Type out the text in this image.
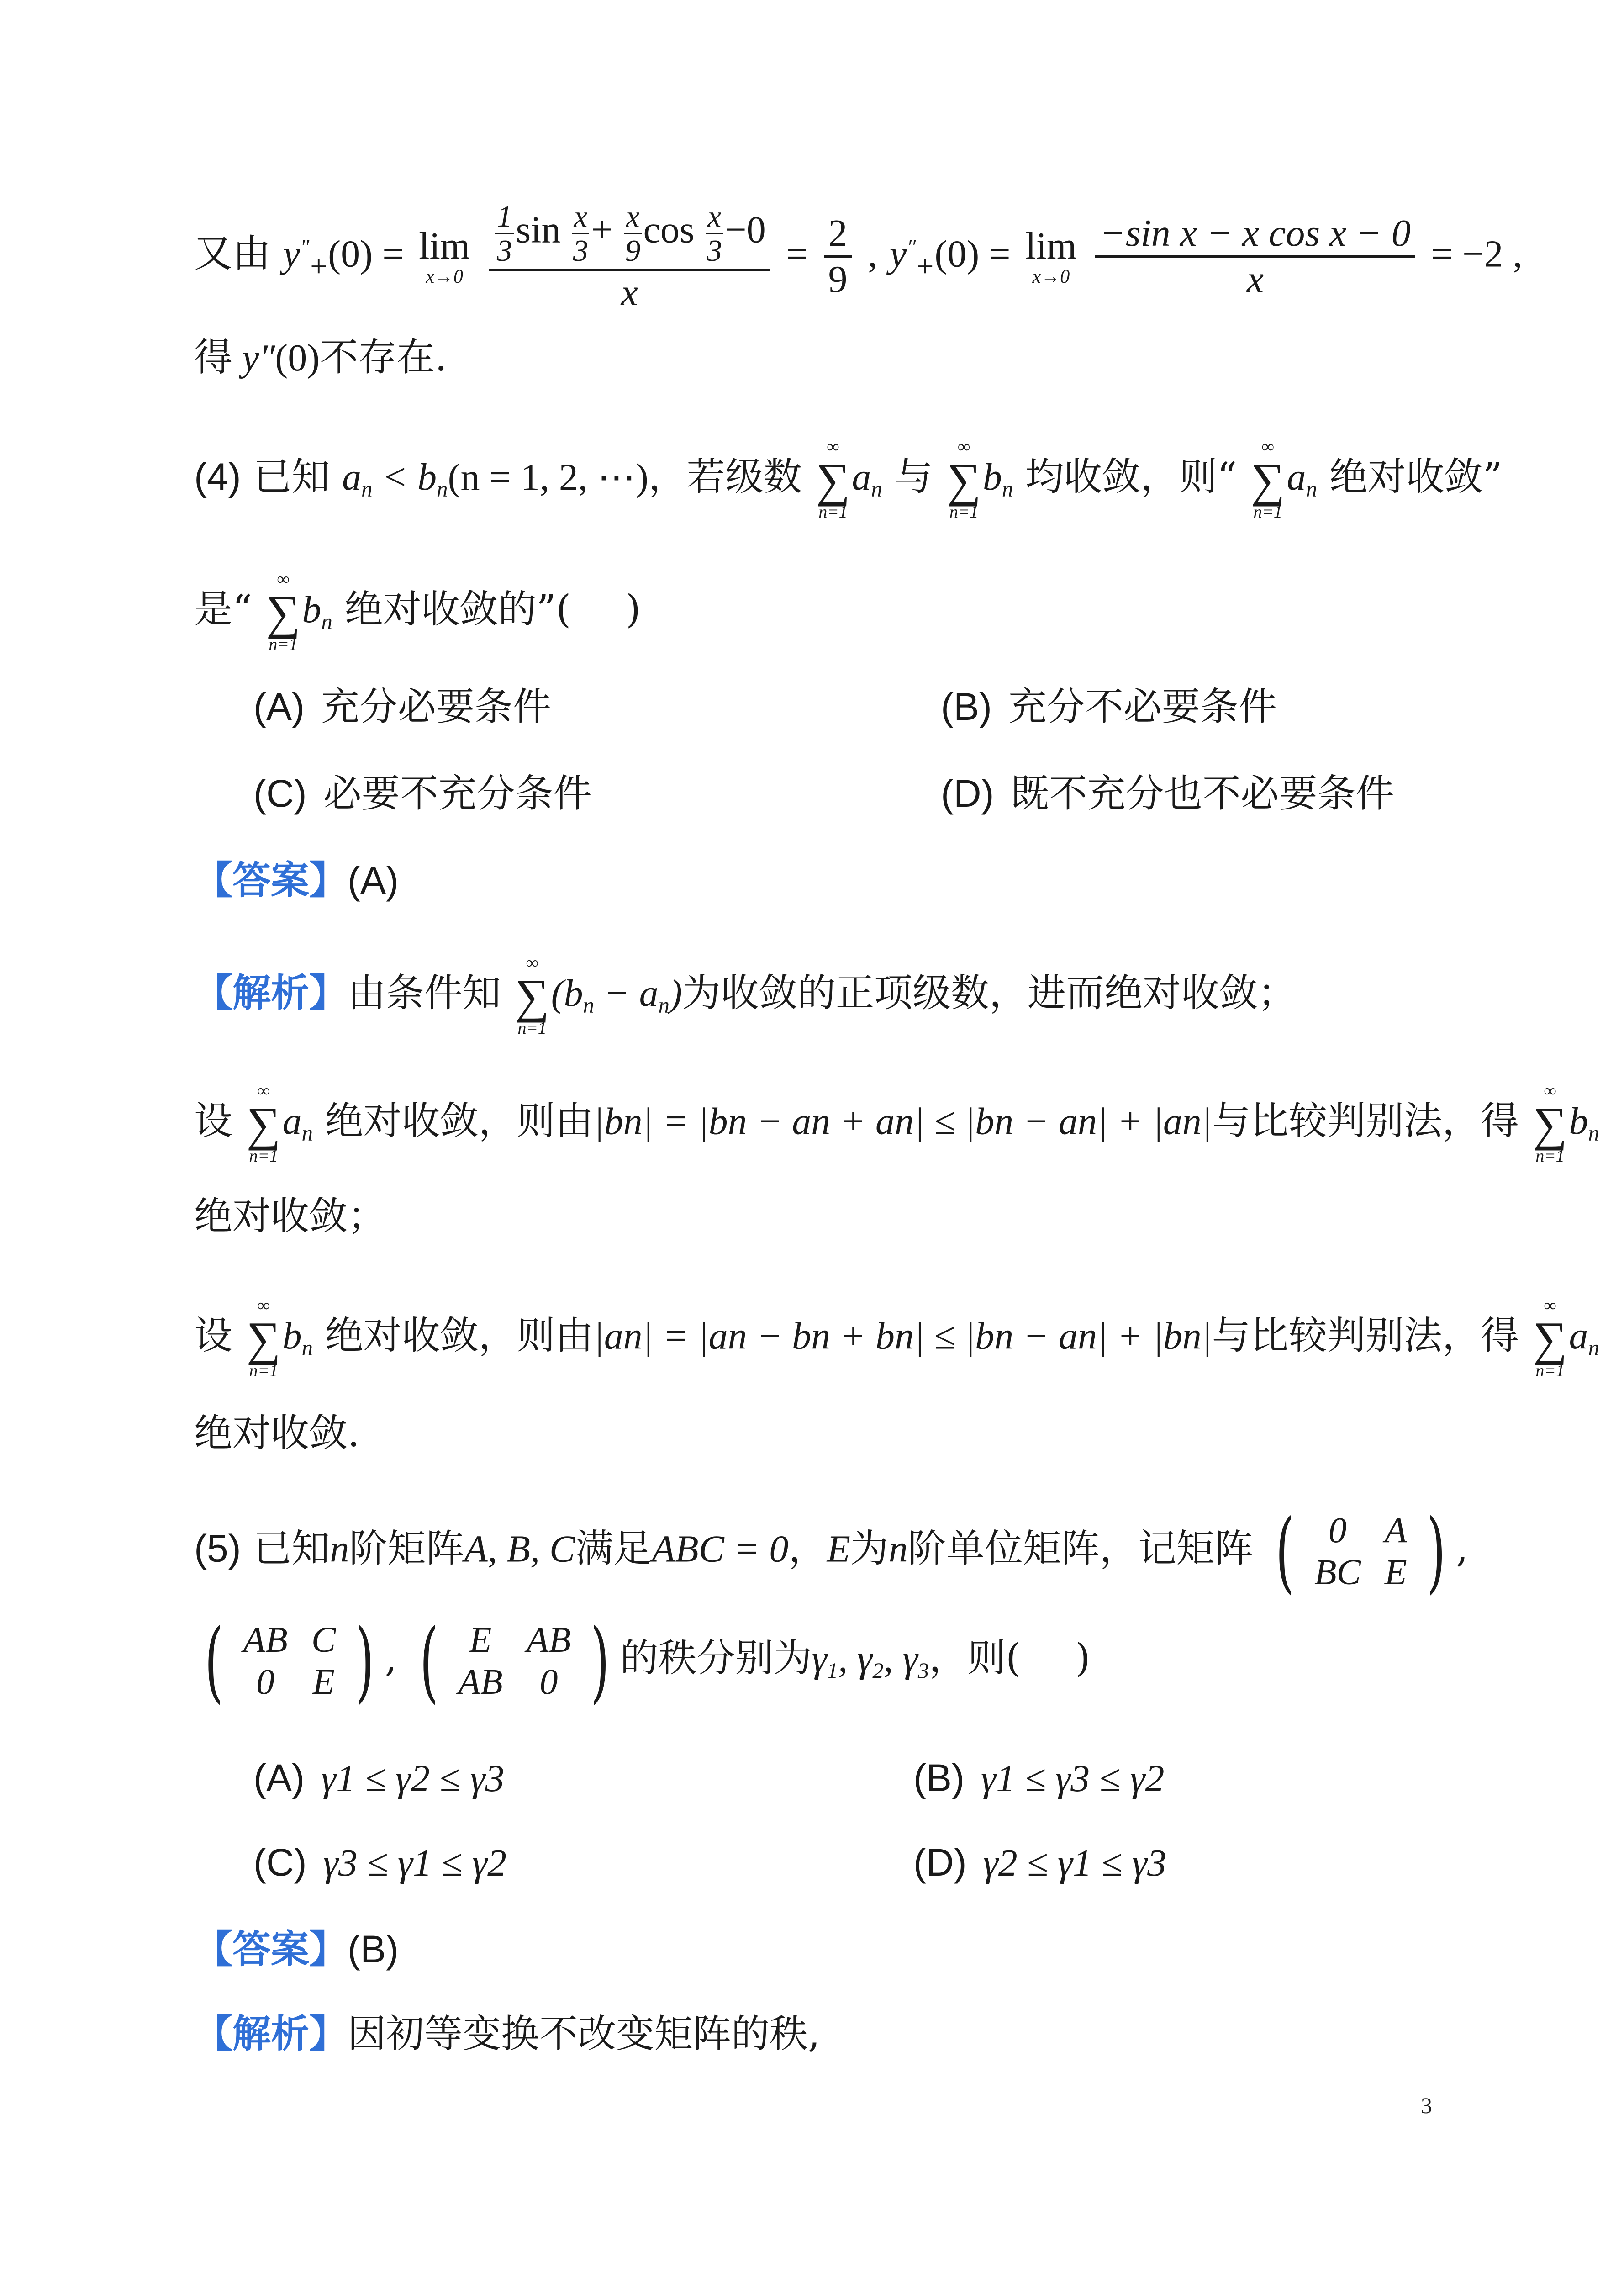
又由 y″+(0) = lim
x→0
$\frac{\frac{1}{3} \sin \frac{x}{3} + \frac{x}{9} \cos \frac{x}{3} -0}{x} = \frac{2}{9}$ , y″+(0) = lim
x→0
$\frac{\text{−sin x − x cos x − 0}}{x} = -2$ ,
得 y″(0)不存在.
(4) 已知 an < bn(n = 1, 2, ⋯)，若级数
∞
∑
n=1
an 与
∞
∑
n=1
bn 均收敛，则“
∞
∑
n=1
an 绝对收敛”
是“
∞
∑
n=1
bn 绝对收敛的”( )
(A) 充分必要条件	(B) 充分不必要条件
(C) 必要不充分条件	(D) 既不充分也不必要条件
【答案】(A)
【解析】由条件知
∞
∑
n=1
(bn − an)为收敛的正项级数，进而绝对收敛；
设
∞
∑
n=1
an 绝对收敛，则由|bn| = |bn − an + an| ≤ |bn − an| + |an|与比较判别法，得
∞
∑
n=1
bn
绝对收敛；
设
∞
∑
n=1
bn 绝对收敛，则由|an| = |an − bn + bn| ≤ |bn − an| + |bn|与比较判别法，得
∞
∑
n=1
an
绝对收敛.
(5) 已知n阶矩阵A, B, C满足ABC = 0，E为n阶单位矩阵，记矩阵 ( 0	A
BC	E ) ,
( AB	C
0	E ) , ( E	AB
AB	0 ) 的秩分别为γ1, γ2, γ3，则( )
(A) γ1 ≤ γ2 ≤ γ3	(B) γ1 ≤ γ3 ≤ γ2
(C) γ3 ≤ γ1 ≤ γ2	(D) γ2 ≤ γ1 ≤ γ3
【答案】(B)
【解析】因初等变换不改变矩阵的秩,
3
